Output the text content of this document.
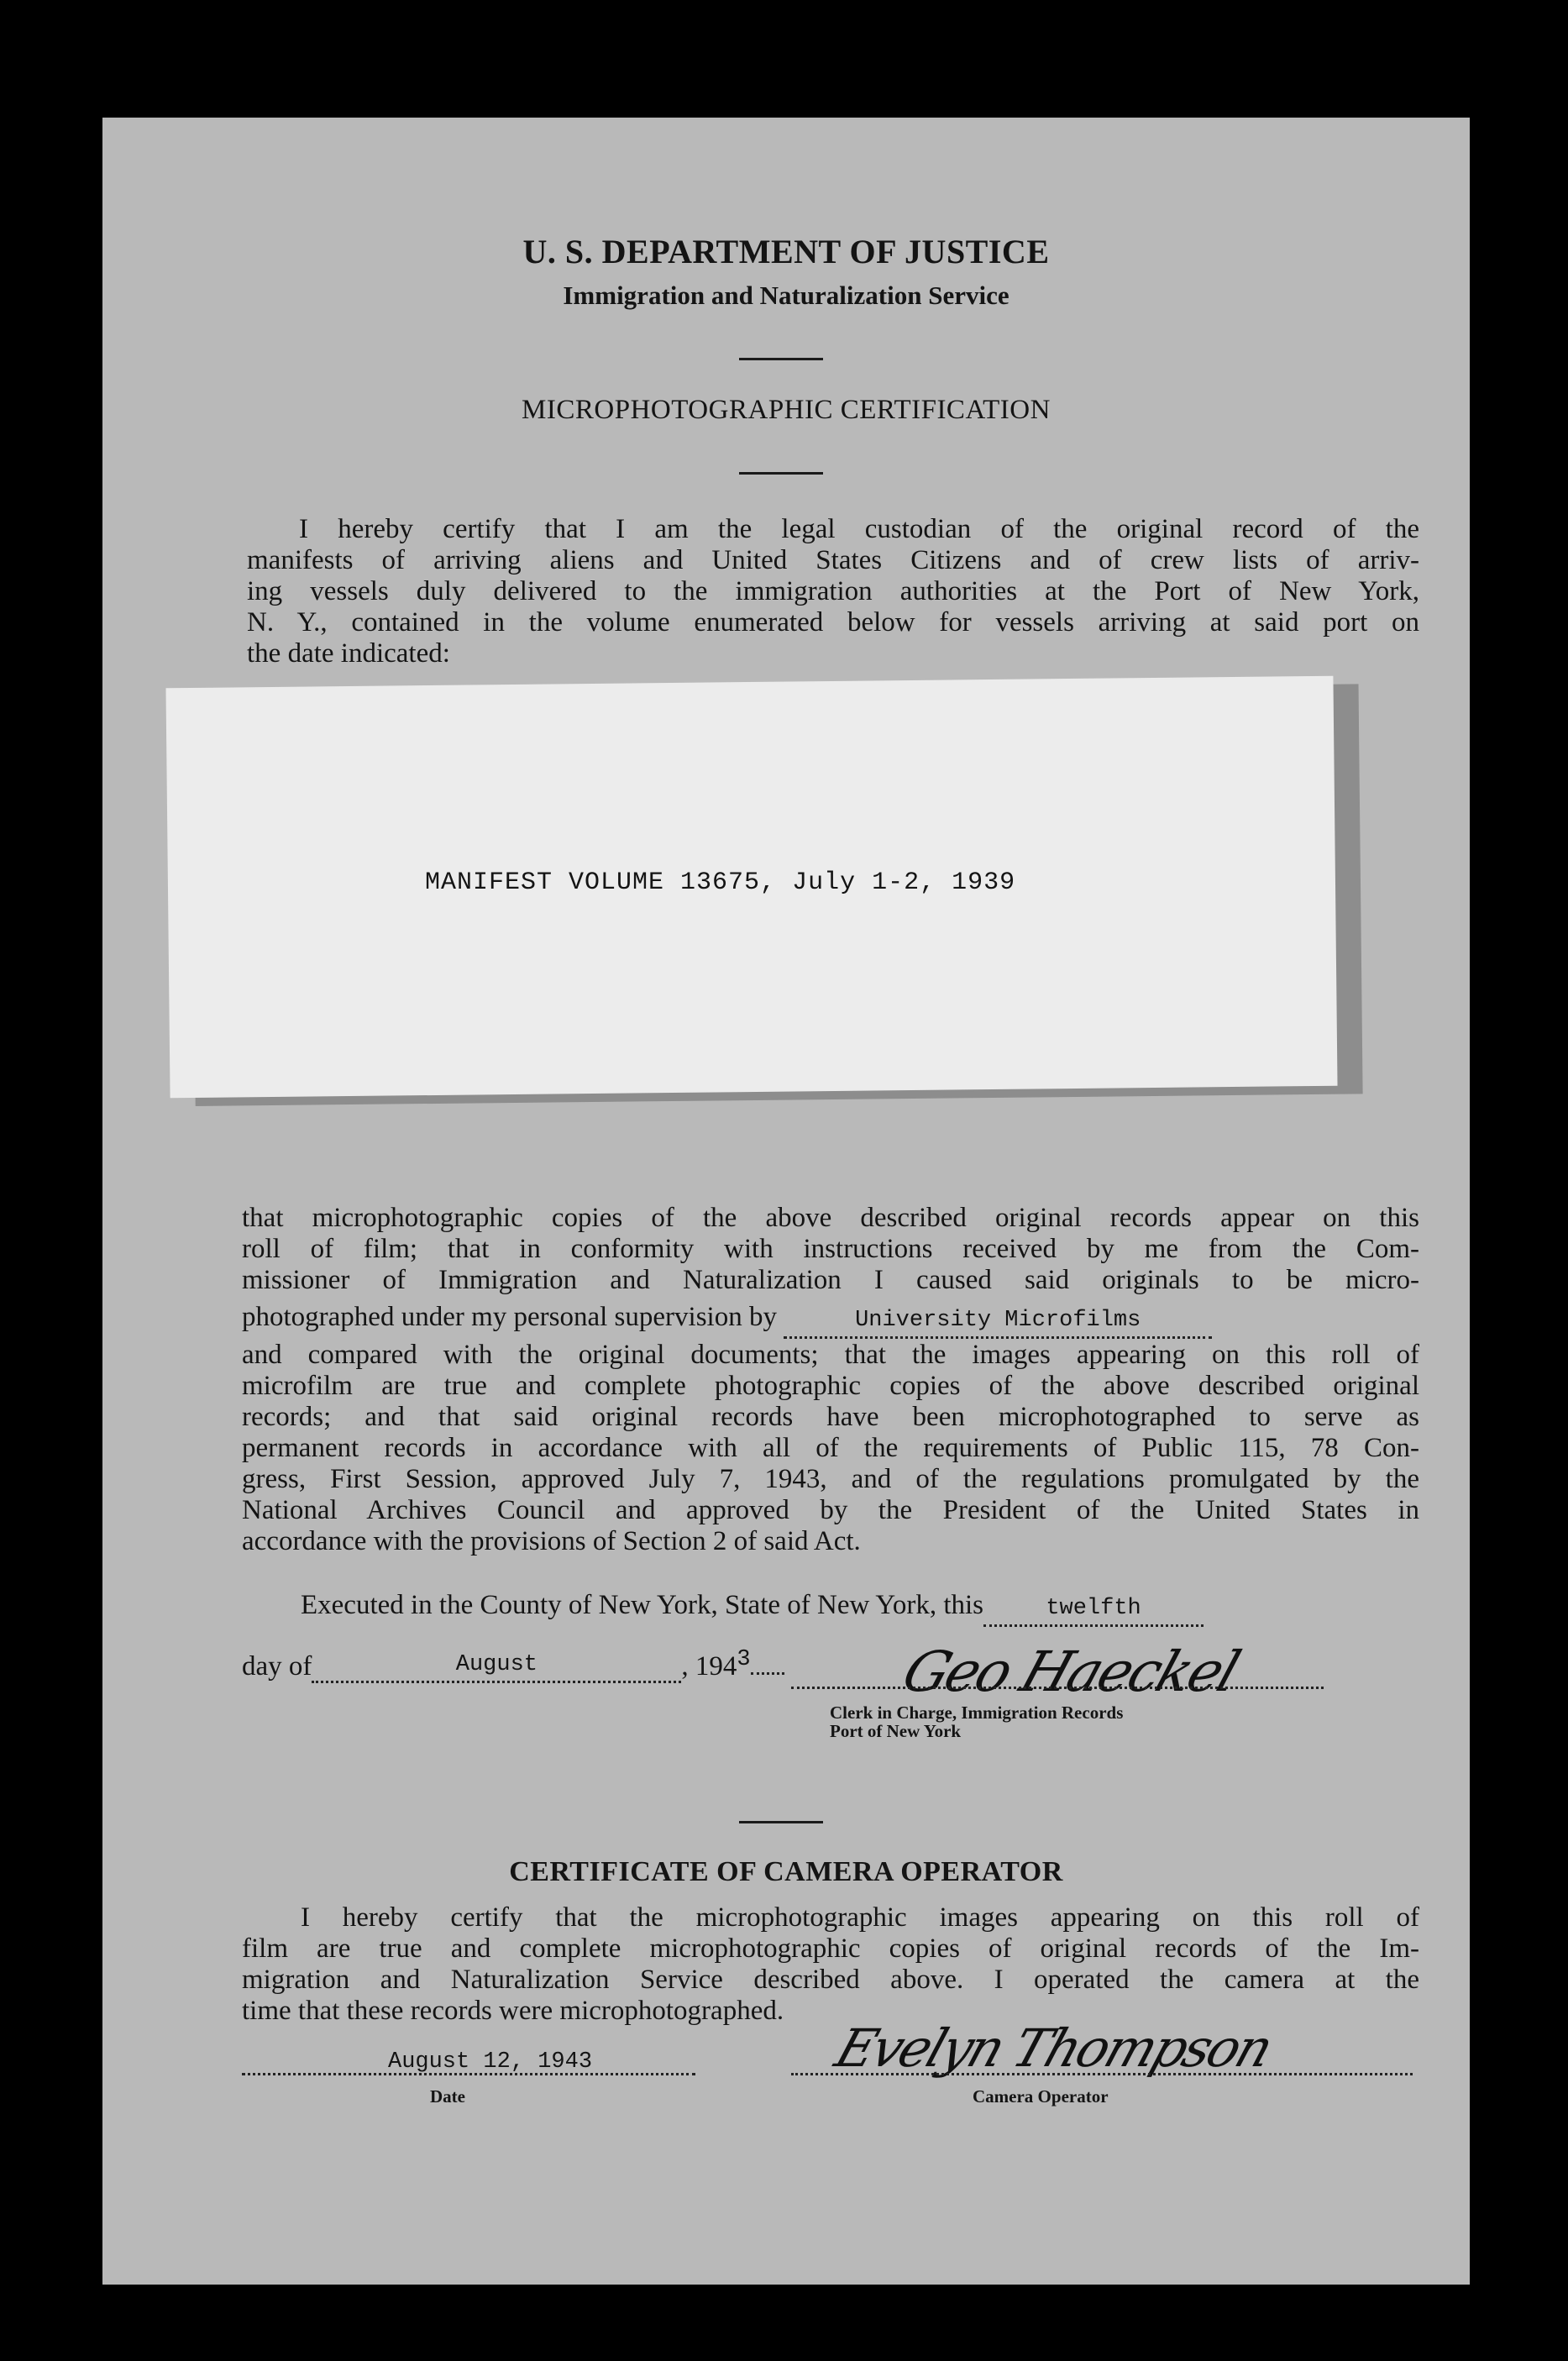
U. S. DEPARTMENT OF JUSTICE
Immigration and Naturalization Service
MICROPHOTOGRAPHIC CERTIFICATION
I hereby certify that I am the legal custodian of the original record of the
manifests of arriving aliens and United States Citizens and of crew lists of arriv-
ing vessels duly delivered to the immigration authorities at the Port of New York,
N. Y., contained in the volume enumerated below for vessels arriving at said port on
the date indicated:
MANIFEST VOLUME 13675, July 1-2, 1939
that microphotographic copies of the above described original records appear on this
roll of film; that in conformity with instructions received by me from the Com-
missioner of Immigration and Naturalization I caused said originals to be micro-
photographed under my personal supervision by	University Microfilms
and compared with the original documents; that the images appearing on this roll of
microfilm are true and complete photographic copies of the above described original
records; and that said original records have been microphotographed to serve as
permanent records in accordance with all of the requirements of Public 115, 78 Con-
gress, First Session, approved July 7, 1943, and of the regulations promulgated by the
National Archives Council and approved by the President of the United States in
accordance with the provisions of Section 2 of said Act.
Executed in the County of New York, State of New York, this	twelfth
day of	August	, $194^3$	Geo Haeckel
Clerk in Charge, Immigration Records
Port of New York
CERTIFICATE OF CAMERA OPERATOR
I hereby certify that the microphotographic images appearing on this roll of
film are true and complete microphotographic copies of original records of the Im-
migration and Naturalization Service described above. I operated the camera at the
time that these records were microphotographed.
August 12, 1943
Date
Evelyn Thompson
Camera Operator
